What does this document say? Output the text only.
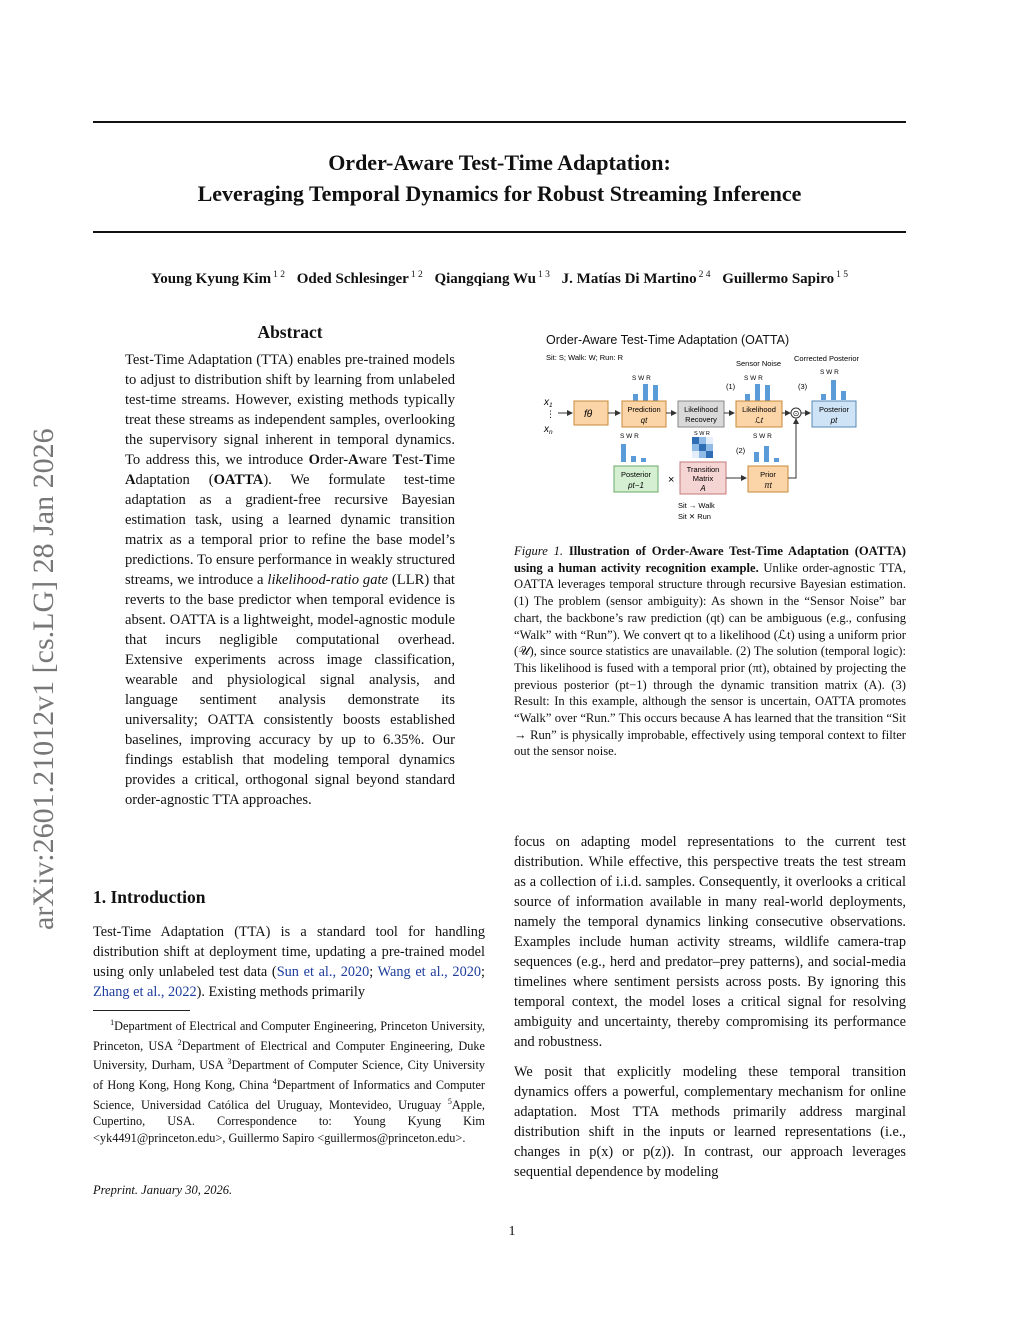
arXiv:2601.21012v1 [cs.LG] 28 Jan 2026
Order-Aware Test-Time Adaptation:
Leveraging Temporal Dynamics for Robust Streaming Inference
Young Kyung Kim $^{1 2}$ Oded Schlesinger $^{1 2}$ Qiangqiang Wu $^{1 3}$ J. Matías Di Martino $^{2 4}$ Guillermo Sapiro $^{1 5}$
Abstract
Test-Time Adaptation (TTA) enables pre-trained models to adjust to distribution shift by learning from unlabeled test-time streams. However, existing methods typically treat these streams as independent samples, overlooking the supervisory signal inherent in temporal dynamics. To address this, we introduce Order-Aware Test-Time Adaptation (OATTA). We formulate test-time adaptation as a gradient-free recursive Bayesian estimation task, using a learned dynamic transition matrix as a temporal prior to refine the base model’s predictions. To ensure performance in weakly structured streams, we introduce a likelihood-ratio gate (LLR) that reverts to the base predictor when temporal evidence is absent. OATTA is a lightweight, model-agnostic module that incurs negligible computational overhead. Extensive experiments across image classification, wearable and physiological signal analysis, and language sentiment analysis demonstrate its universality; OATTA consistently boosts established baselines, improving accuracy by up to 6.35%. Our findings establish that modeling temporal dynamics provides a critical, orthogonal signal beyond standard order-agnostic TTA approaches.
1. Introduction
Test-Time Adaptation (TTA) is a standard tool for handling distribution shift at deployment time, updating a pre-trained model using only unlabeled test data (Sun et al., 2020; Wang et al., 2020; Zhang et al., 2022). Existing methods primarily
$^1$Department of Electrical and Computer Engineering, Princeton University, Princeton, USA $^2$Department of Electrical and Computer Engineering, Duke University, Durham, USA $^3$Department of Computer Science, City University of Hong Kong, Hong Kong, China $^4$Department of Informatics and Computer Science, Universidad Católica del Uruguay, Montevideo, Uruguay $^5$Apple, Cupertino, USA. Correspondence to: Young Kyung Kim <yk4491@princeton.edu>, Guillermo Sapiro <guillermos@princeton.edu>.
Preprint. January 30, 2026.
1
Order-Aware Test-Time Adaptation (OATTA)
Sit: S; Walk: W; Run: R
Sensor Noise
Corrected Posterior
S W R	S W R
S W R
S W R	S W R
$x_1$
⋮
$x_n$
fθ	Prediction
qt
Likelihood
Recovery
Likelihood
ℒt
⊙	Posterior
pt
(1)	(3)
(2)
S W R
Posterior
pt−1 ×
Transition
Matrix
A
Prior
πt
Sit → Walk
Sit ✕ Run
Figure 1. Illustration of Order-Aware Test-Time Adaptation (OATTA) using a human activity recognition example. Unlike order-agnostic TTA, OATTA leverages temporal structure through recursive Bayesian estimation. (1) The problem (sensor ambiguity): As shown in the “Sensor Noise” bar chart, the backbone’s raw prediction (qt) can be ambiguous (e.g., confusing “Walk” with “Run”). We convert qt to a likelihood (ℒt) using a uniform prior (𝒰), since source statistics are unavailable. (2) The solution (temporal logic): This likelihood is fused with a temporal prior (πt), obtained by projecting the previous posterior (pt−1) through the dynamic transition matrix (A). (3) Result: In this example, although the sensor is uncertain, OATTA promotes “Walk” over “Run.” This occurs because A has learned that the transition “Sit → Run” is physically improbable, effectively using temporal context to filter out the sensor noise.

focus on adapting model representations to the current test distribution. While effective, this perspective treats the test stream as a collection of i.i.d. samples. Consequently, it overlooks a critical source of information available in many real-world deployments, namely the temporal dynamics linking consecutive observations. Examples include human activity streams, wildlife camera-trap sequences (e.g., herd and predator–prey patterns), and social-media timelines where sentiment persists across posts. By ignoring this temporal context, the model loses a critical signal for resolving ambiguity and uncertainty, thereby compromising its performance and robustness.

We posit that explicitly modeling these temporal transition dynamics offers a powerful, complementary mechanism for online adaptation. Most TTA methods primarily address marginal distribution shift in the inputs or learned representations (i.e., changes in p(x) or p(z)). In contrast, our approach leverages sequential dependence by modeling
